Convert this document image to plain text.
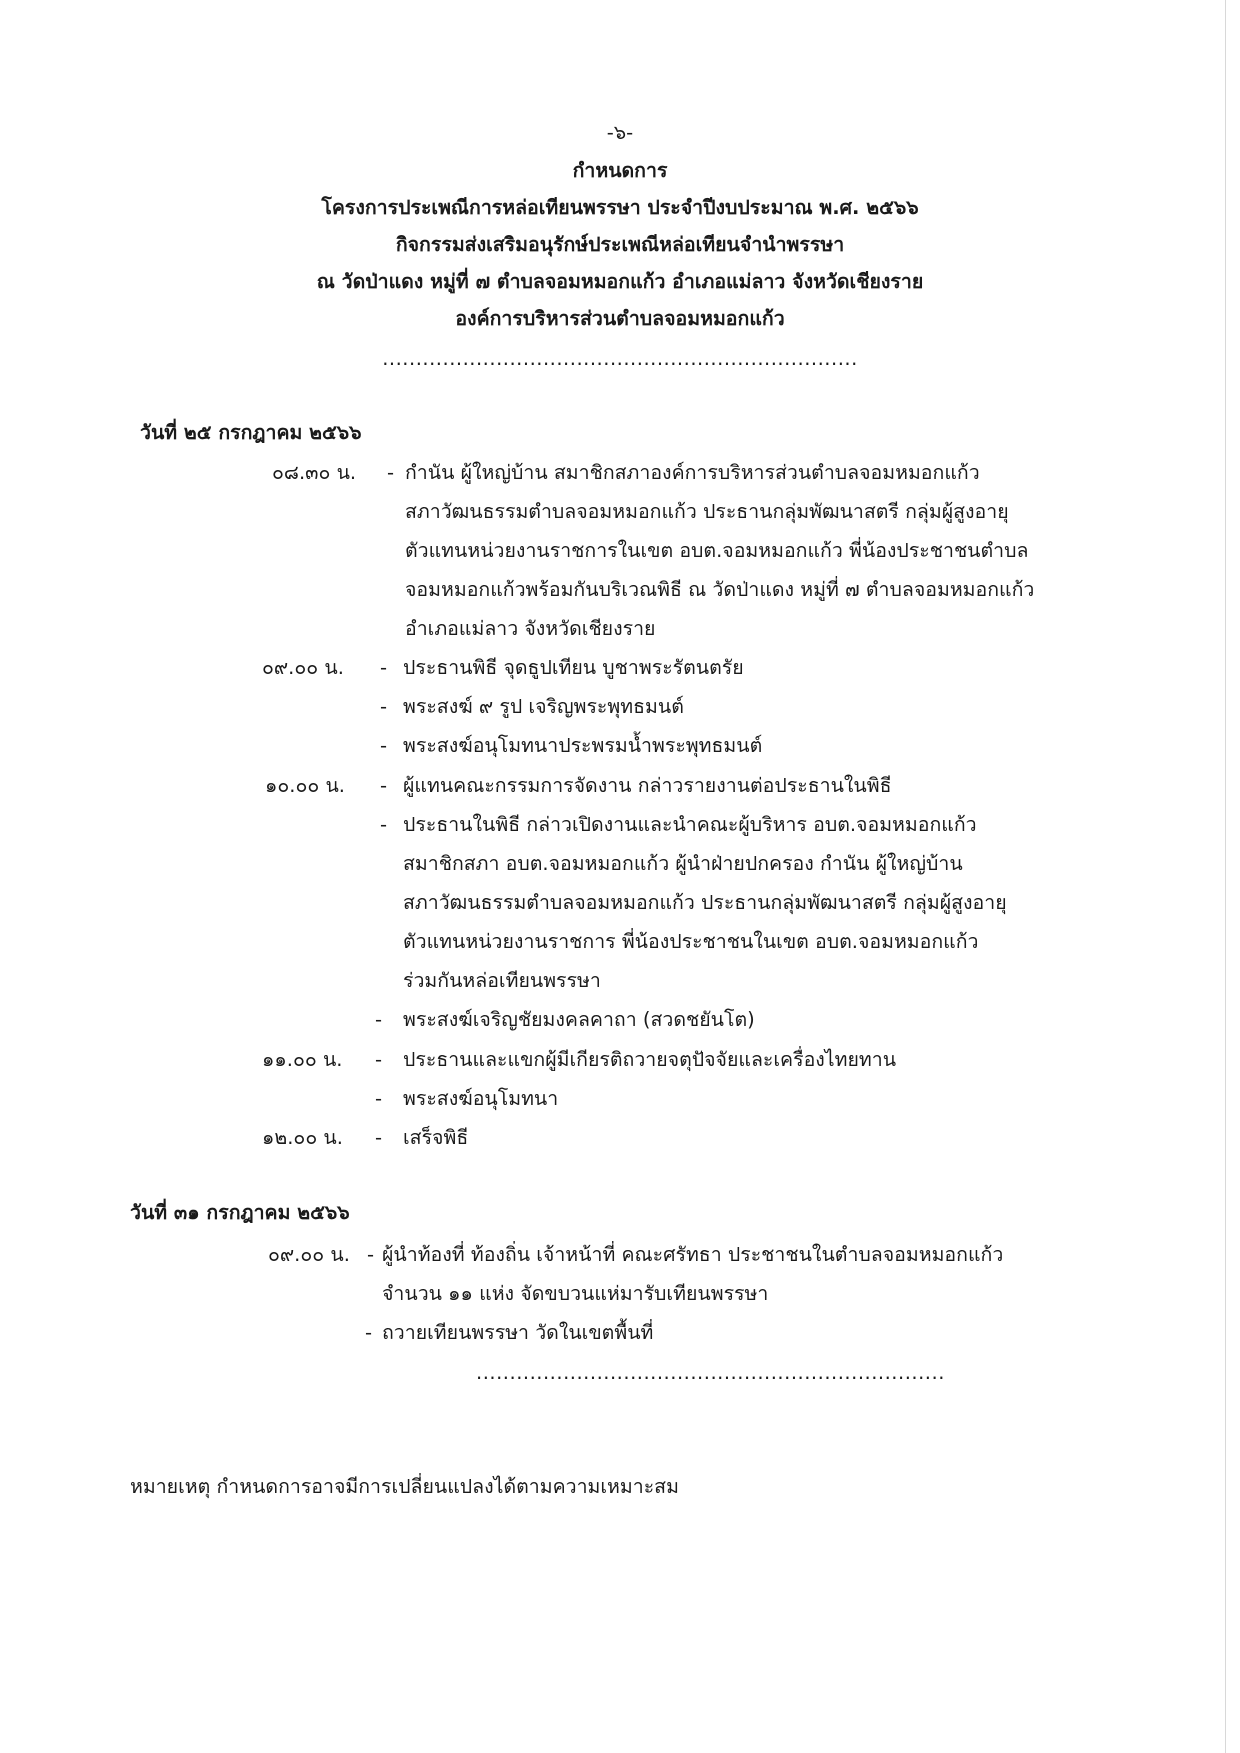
-๖-
กำหนดการ
โครงการประเพณีการหล่อเทียนพรรษา ประจำปีงบประมาณ พ.ศ. ๒๕๖๖
กิจกรรมส่งเสริมอนุรักษ์ประเพณีหล่อเทียนจำนำพรรษา
ณ วัดป่าแดง หมู่ที่ ๗ ตำบลจอมหมอกแก้ว อำเภอแม่ลาว จังหวัดเชียงราย
องค์การบริหารส่วนตำบลจอมหมอกแก้ว
.......................................................................
วันที่ ๒๕ กรกฎาคม ๒๕๖๖
๐๘.๓๐ น. - กำนัน ผู้ใหญ่บ้าน สมาชิกสภาองค์การบริหารส่วนตำบลจอมหมอกแก้ว
สภาวัฒนธรรมตำบลจอมหมอกแก้ว ประธานกลุ่มพัฒนาสตรี กลุ่มผู้สูงอายุ
ตัวแทนหน่วยงานราชการในเขต อบต.จอมหมอกแก้ว พี่น้องประชาชนตำบล
จอมหมอกแก้วพร้อมกันบริเวณพิธี ณ วัดป่าแดง หมู่ที่ ๗ ตำบลจอมหมอกแก้ว
อำเภอแม่ลาว จังหวัดเชียงราย
๐๙.๐๐ น. - ประธานพิธี จุดธูปเทียน บูชาพระรัตนตรัย
- พระสงฆ์ ๙ รูป เจริญพระพุทธมนต์
- พระสงฆ์อนุโมทนาประพรมน้ำพระพุทธมนต์
๑๐.๐๐ น. - ผู้แทนคณะกรรมการจัดงาน กล่าวรายงานต่อประธานในพิธี
- ประธานในพิธี กล่าวเปิดงานและนำคณะผู้บริหาร อบต.จอมหมอกแก้ว
สมาชิกสภา อบต.จอมหมอกแก้ว ผู้นำฝ่ายปกครอง กำนัน ผู้ใหญ่บ้าน
สภาวัฒนธรรมตำบลจอมหมอกแก้ว ประธานกลุ่มพัฒนาสตรี กลุ่มผู้สูงอายุ
ตัวแทนหน่วยงานราชการ พี่น้องประชาชนในเขต อบต.จอมหมอกแก้ว
ร่วมกันหล่อเทียนพรรษา
- พระสงฆ์เจริญชัยมงคลคาถา (สวดชยันโต)
๑๑.๐๐ น. - ประธานและแขกผู้มีเกียรติถวายจตุปัจจัยและเครื่องไทยทาน
- พระสงฆ์อนุโมทนา
๑๒.๐๐ น. - เสร็จพิธี
วันที่ ๓๑ กรกฎาคม ๒๕๖๖
๐๙.๐๐ น. - ผู้นำท้องที่ ท้องถิ่น เจ้าหน้าที่ คณะศรัทธา ประชาชนในตำบลจอมหมอกแก้ว
จำนวน ๑๑ แห่ง จัดขบวนแห่มารับเทียนพรรษา
- ถวายเทียนพรรษา วัดในเขตพื้นที่
......................................................................
หมายเหตุ กำหนดการอาจมีการเปลี่ยนแปลงได้ตามความเหมาะสม
